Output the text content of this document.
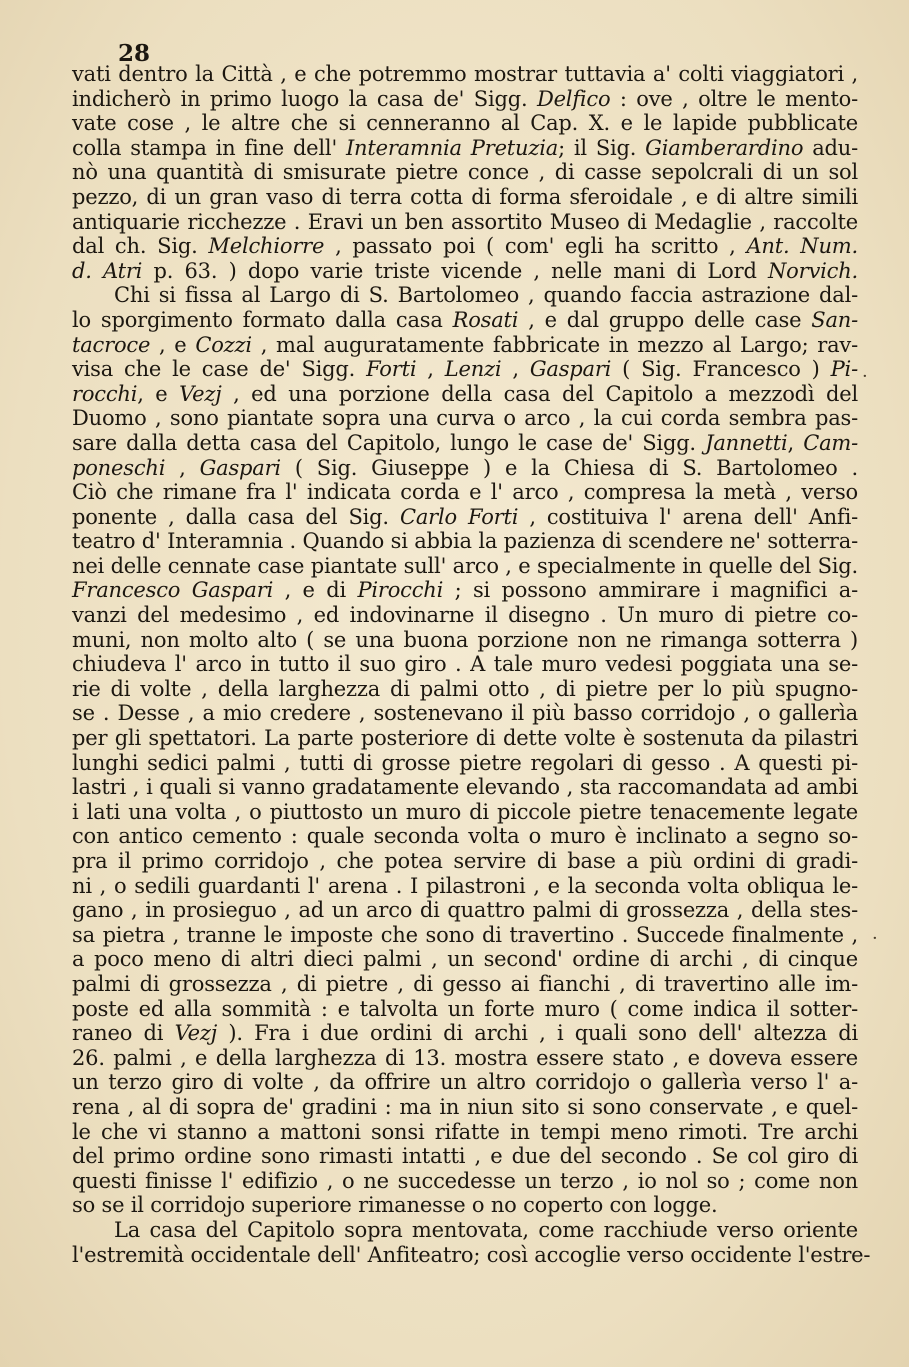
28
vati dentro la Città , e che potremmo mostrar tuttavia a' colti viaggiatori ,
indicherò in primo luogo la casa de' Sigg. Delfico : ove , oltre le mento-
vate cose , le altre che si cenneranno al Cap. X. e le lapide pubblicate
colla stampa in fine dell' Interamnia Pretuzia; il Sig. Giamberardino adu-
nò una quantità di smisurate pietre conce , di casse sepolcrali di un sol
pezzo, di un gran vaso di terra cotta di forma sferoidale , e di altre simili
antiquarie ricchezze . Eravi un ben assortito Museo di Medaglie , raccolte
dal ch. Sig. Melchiorre , passato poi ( com' egli ha scritto , Ant. Num.
d. Atri p. 63. ) dopo varie triste vicende , nelle mani di Lord Norvich.
Chi si fissa al Largo di S. Bartolomeo , quando faccia astrazione dal-
lo sporgimento formato dalla casa Rosati , e dal gruppo delle case San-
tacroce , e Cozzi , mal auguratamente fabbricate in mezzo al Largo; rav-
visa che le case de' Sigg. Forti , Lenzi , Gaspari ( Sig. Francesco ) Pi-
rocchi, e Vezj , ed una porzione della casa del Capitolo a mezzodì del
Duomo , sono piantate sopra una curva o arco , la cui corda sembra pas-
sare dalla detta casa del Capitolo, lungo le case de' Sigg. Jannetti, Cam-
poneschi , Gaspari ( Sig. Giuseppe ) e la Chiesa di S. Bartolomeo .
Ciò che rimane fra l' indicata corda e l' arco , compresa la metà , verso
ponente , dalla casa del Sig. Carlo Forti , costituiva l' arena dell' Anfi-
teatro d' Interamnia . Quando si abbia la pazienza di scendere ne' sotterra-
nei delle cennate case piantate sull' arco , e specialmente in quelle del Sig.
Francesco Gaspari , e di Pirocchi ; si possono ammirare i magnifici a-
vanzi del medesimo , ed indovinarne il disegno . Un muro di pietre co-
muni, non molto alto ( se una buona porzione non ne rimanga sotterra )
chiudeva l' arco in tutto il suo giro . A tale muro vedesi poggiata una se-
rie di volte , della larghezza di palmi otto , di pietre per lo più spugno-
se . Desse , a mio credere , sostenevano il più basso corridojo , o gallerìa
per gli spettatori. La parte posteriore di dette volte è sostenuta da pilastri
lunghi sedici palmi , tutti di grosse pietre regolari di gesso . A questi pi-
lastri , i quali si vanno gradatamente elevando , sta raccomandata ad ambi
i lati una volta , o piuttosto un muro di piccole pietre tenacemente legate
con antico cemento : quale seconda volta o muro è inclinato a segno so-
pra il primo corridojo , che potea servire di base a più ordini di gradi-
ni , o sedili guardanti l' arena . I pilastroni , e la seconda volta obliqua le-
gano , in prosieguo , ad un arco di quattro palmi di grossezza , della stes-
sa pietra , tranne le imposte che sono di travertino . Succede finalmente ,
a poco meno di altri dieci palmi , un second' ordine di archi , di cinque
palmi di grossezza , di pietre , di gesso ai fianchi , di travertino alle im-
poste ed alla sommità : e talvolta un forte muro ( come indica il sotter-
raneo di Vezj ). Fra i due ordini di archi , i quali sono dell' altezza di
26. palmi , e della larghezza di 13. mostra essere stato , e doveva essere
un terzo giro di volte , da offrire un altro corridojo o gallerìa verso l' a-
rena , al di sopra de' gradini : ma in niun sito si sono conservate , e quel-
le che vi stanno a mattoni sonsi rifatte in tempi meno rimoti. Tre archi
del primo ordine sono rimasti intatti , e due del secondo . Se col giro di
questi finisse l' edifizio , o ne succedesse un terzo , io nol so ; come non
so se il corridojo superiore rimanesse o no coperto con logge.
La casa del Capitolo sopra mentovata, come racchiude verso oriente
l'estremità occidentale dell' Anfiteatro; così accoglie verso occidente l'estre-
·
·
